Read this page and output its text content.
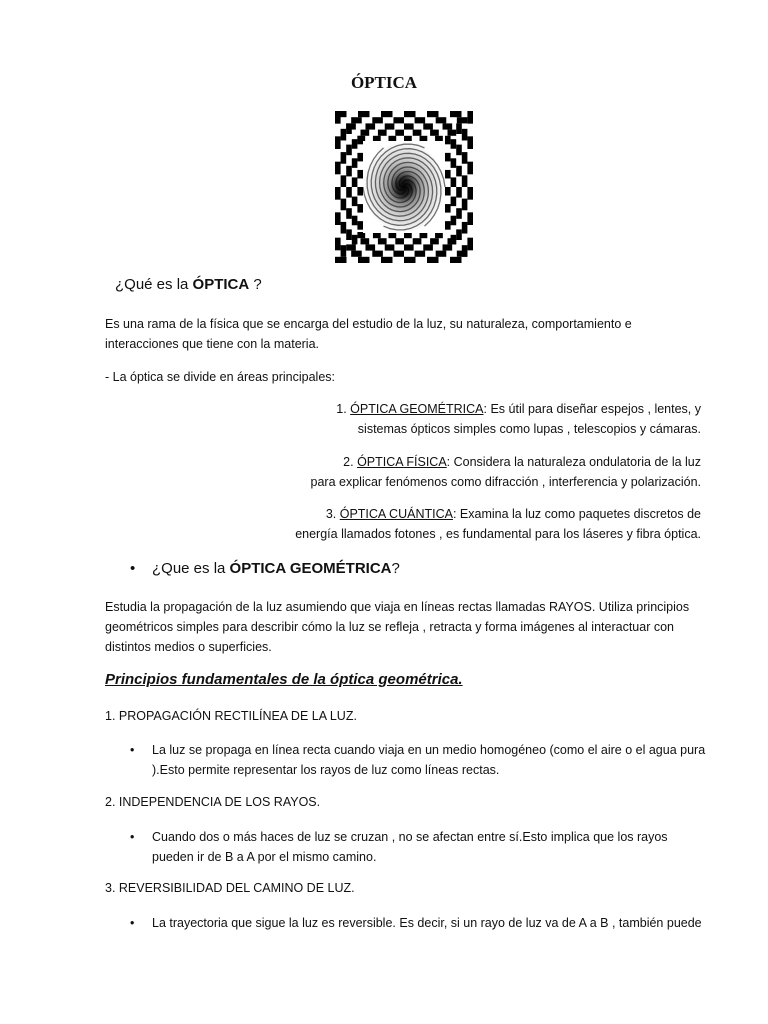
ÓPTICA
¿Qué es la ÓPTICA ?
Es una rama de la física que se encarga del estudio de la luz, su naturaleza, comportamiento e interacciones que tiene con la materia.
- La óptica se divide en áreas principales:
1. ÓPTICA GEOMÉTRICA: Es útil para diseñar espejos , lentes, y
sistemas ópticos simples como lupas , telescopios y cámaras.
2. ÓPTICA FÍSICA: Considera la naturaleza ondulatoria de la luz
para explicar fenómenos como difracción , interferencia y polarización.
3. ÓPTICA CUÁNTICA: Examina la luz como paquetes discretos de
energía llamados fotones , es fundamental para los láseres y fibra óptica.
• ¿Que es la ÓPTICA GEOMÉTRICA?
Estudia la propagación de la luz asumiendo que viaja en líneas rectas llamadas RAYOS. Utiliza principios geométricos simples para describir cómo la luz se refleja , retracta y forma imágenes al interactuar con distintos medios o superficies.
Principios fundamentales de la óptica geométrica.
1. PROPAGACIÓN RECTILÍNEA DE LA LUZ.
• La luz se propaga en línea recta cuando viaja en un medio homogéneo (como el aire o el agua pura ).Esto permite representar los rayos de luz como líneas rectas.
2. INDEPENDENCIA DE LOS RAYOS.
• Cuando dos o más haces de luz se cruzan , no se afectan entre sí.Esto implica que los rayos pueden ir de B a A por el mismo camino.
3. REVERSIBILIDAD DEL CAMINO DE LUZ.
• La trayectoria que sigue la luz es reversible. Es decir, si un rayo de luz va de A a B , también puede
